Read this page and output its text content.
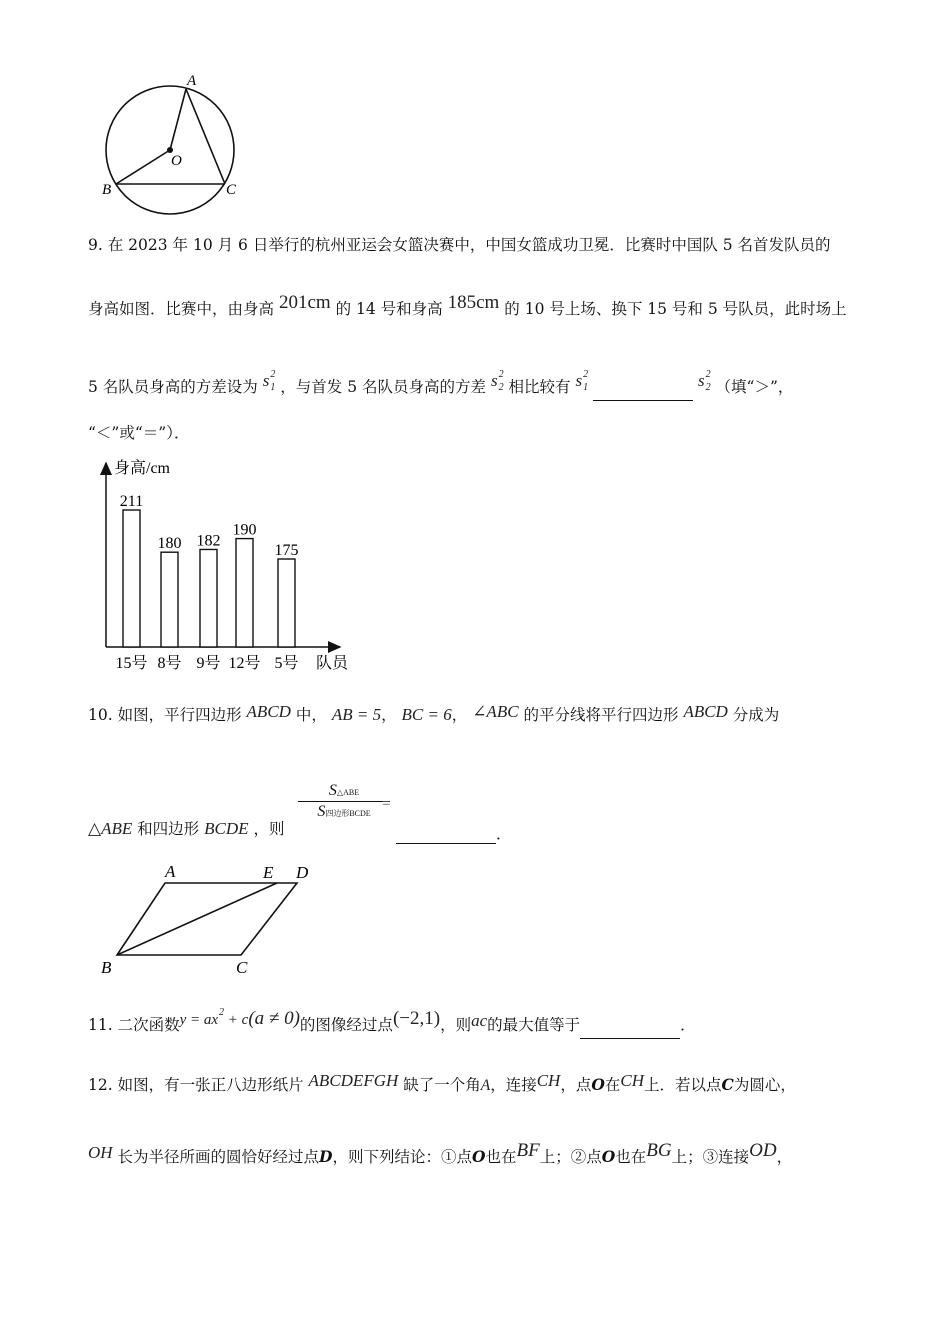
A
O
B	C
9. 在 2023 年 10 月 6 日举行的杭州亚运会女篮决赛中，中国女篮成功卫冕．比赛时中国队 5 名首发队员的
身高如图．比赛中，由身高 201cm 的 14 号和身高 185cm 的 10 号上场、换下 15 号和 5 号队员，此时场上
5 名队员身高的方差设为 $s^2_1$ ，与首发 5 名队员身高的方差 $s^2_2$ 相比较有 $s^2_1$	$s^2_2$ （填“＞”，
“＜”或“＝”）．
身高/cm
队员
211
15号
180
8号
182
9号
190
12号
175
5号
10. 如图，平行四边形 ABCD 中， AB = 5， BC = 6， ∠ABC 的平分线将平行四边形 ABCD 分成为
△ABE 和四边形 BCDE ，则
S△ABE
S四边形BCDE
=
．
A	E D
B	C
11. 二次函数$y = ax^2 + c(a \ne 0)$的图像经过点(−2,1)，则ac的最大值等于	．
12. 如图，有一张正八边形纸片 ABCDEFGH 缺了一个角A，连接CH，点O在CH上．若以点C为圆心，
OH 长为半径所画的圆恰好经过点D，则下列结论：①点O也在BF上；②点O也在BG上；③连接OD，
